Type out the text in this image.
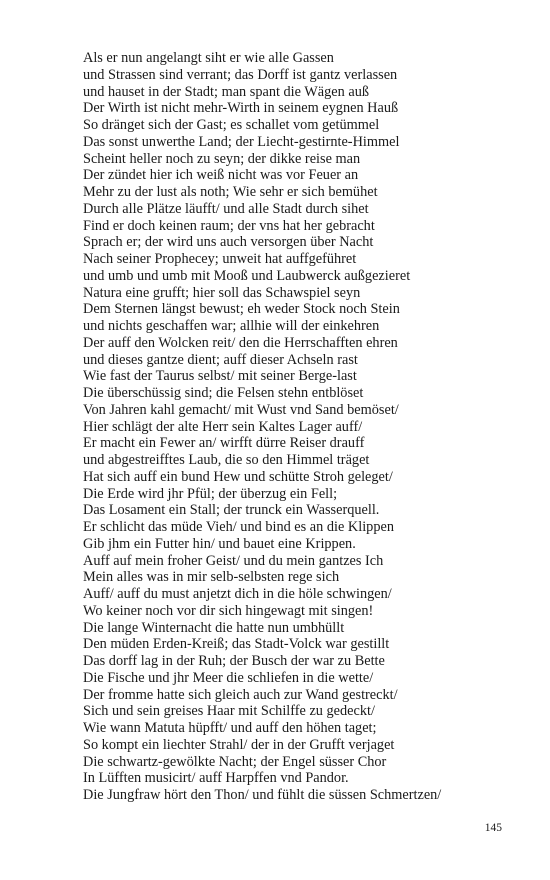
Als er nun angelangt siht er wie alle Gassen
und Strassen sind verrant; das Dorff ist gantz verlassen
und hauset in der Stadt; man spant die Wägen auß
Der Wirth ist nicht mehr-Wirth in seinem eygnen Hauß
So dränget sich der Gast; es schallet vom getümmel
Das sonst unwerthe Land; der Liecht-gestirnte-Himmel
Scheint heller noch zu seyn; der dikke reise man
Der zündet hier ich weiß nicht was vor Feuer an
Mehr zu der lust als noth; Wie sehr er sich bemühet
Durch alle Plätze läufft/ und alle Stadt durch sihet
Find er doch keinen raum; der vns hat her gebracht
Sprach er; der wird uns auch versorgen über Nacht
Nach seiner Prophecey; unweit hat auffgeführet
und umb und umb mit Mooß und Laubwerck außgezieret
Natura eine grufft; hier soll das Schawspiel seyn
Dem Sternen längst bewust; eh weder Stock noch Stein
und nichts geschaffen war; allhie will der einkehren
Der auff den Wolcken reit/ den die Herrschafften ehren
und dieses gantze dient; auff dieser Achseln rast
Wie fast der Taurus selbst/ mit seiner Berge-last
Die überschüssig sind; die Felsen stehn entblöset
Von Jahren kahl gemacht/ mit Wust vnd Sand bemöset/
Hier schlägt der alte Herr sein Kaltes Lager auff/
Er macht ein Fewer an/ wirfft dürre Reiser drauff
und abgestreifftes Laub, die so den Himmel träget
Hat sich auff ein bund Hew und schütte Stroh geleget/
Die Erde wird jhr Pfül; der überzug ein Fell;
Das Losament ein Stall; der trunck ein Wasserquell.
Er schlicht das müde Vieh/ und bind es an die Klippen
Gib jhm ein Futter hin/ und bauet eine Krippen.
Auff auf mein froher Geist/ und du mein gantzes Ich
Mein alles was in mir selb-selbsten rege sich
Auff/ auff du must anjetzt dich in die höle schwingen/
Wo keiner noch vor dir sich hingewagt mit singen!
Die lange Winternacht die hatte nun umbhüllt
Den müden Erden-Kreiß; das Stadt-Volck war gestillt
Das dorff lag in der Ruh; der Busch der war zu Bette
Die Fische und jhr Meer die schliefen in die wette/
Der fromme hatte sich gleich auch zur Wand gestreckt/
Sich und sein greises Haar mit Schilffe zu gedeckt/
Wie wann Matuta hüpfft/ und auff den höhen taget;
So kompt ein liechter Strahl/ der in der Grufft verjaget
Die schwartz-gewölkte Nacht; der Engel süsser Chor
In Lüfften musicirt/ auff Harpffen vnd Pandor.
Die Jungfraw hört den Thon/ und fühlt die süssen Schmertzen/
145
